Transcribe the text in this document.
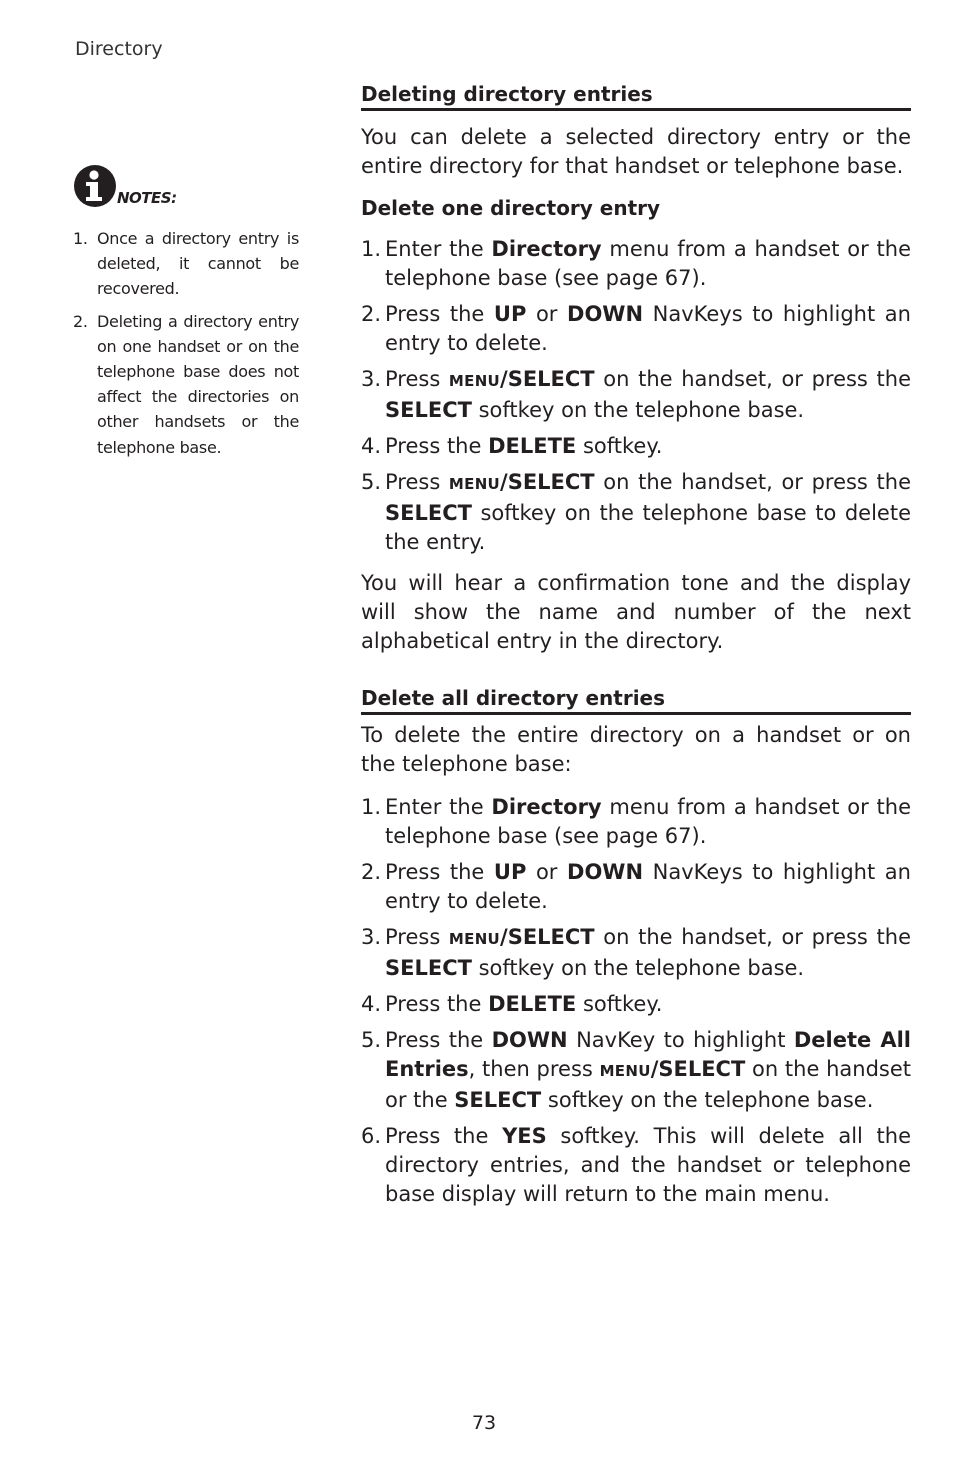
Directory
NOTES:
1. Once a directory entry is deleted, it cannot be recovered.
2. Deleting a directory entry on one handset or on the telephone base does not affect the directories on other handsets or the telephone base.
Deleting directory entries

You can delete a selected directory entry or the entire directory for that handset or telephone base.

Delete one directory entry
1. Enter the Directory menu from a handset or the telephone base (see page 67).
2. Press the UP or DOWN NavKeys to highlight an entry to delete.
3. Press MENU/SELECT on the handset, or press the SELECT softkey on the telephone base.
4. Press the DELETE softkey.
5. Press MENU/SELECT on the handset, or press the SELECT softkey on the telephone base to delete the entry.

You will hear a confirmation tone and the display will show the name and number of the next alphabetical entry in the directory.

Delete all directory entries

To delete the entire directory on a handset or on the telephone base:

1. Enter the Directory menu from a handset or the telephone base (see page 67).
2. Press the UP or DOWN NavKeys to highlight an entry to delete.
3. Press MENU/SELECT on the handset, or press the SELECT softkey on the telephone base.
4. Press the DELETE softkey.
5. Press the DOWN NavKey to highlight Delete All Entries, then press MENU/SELECT on the handset or the SELECT softkey on the telephone base.
6. Press the YES softkey. This will delete all the directory entries, and the handset or telephone base display will return to the main menu.
73
